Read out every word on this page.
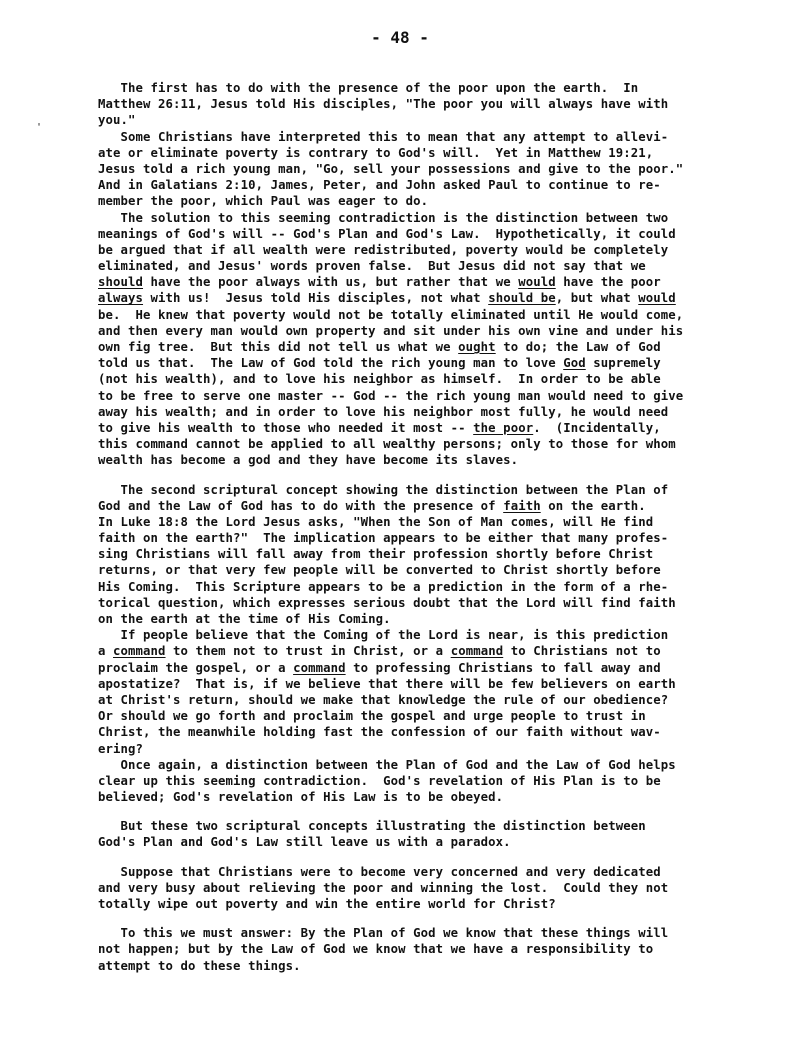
- 48 -
'
The first has to do with the presence of the poor upon the earth.  In
Matthew 26:11, Jesus told His disciples, "The poor you will always have with
you."
Some Christians have interpreted this to mean that any attempt to allevi-
ate or eliminate poverty is contrary to God's will.  Yet in Matthew 19:21,
Jesus told a rich young man, "Go, sell your possessions and give to the poor."
And in Galatians 2:10, James, Peter, and John asked Paul to continue to re-
member the poor, which Paul was eager to do.
The solution to this seeming contradiction is the distinction between two
meanings of God's will -- God's Plan and God's Law.  Hypothetically, it could
be argued that if all wealth were redistributed, poverty would be completely
eliminated, and Jesus' words proven false.  But Jesus did not say that we
should have the poor always with us, but rather that we would have the poor
always with us!  Jesus told His disciples, not what should be, but what would
be.  He knew that poverty would not be totally eliminated until He would come,
and then every man would own property and sit under his own vine and under his
own fig tree.  But this did not tell us what we ought to do; the Law of God
told us that.  The Law of God told the rich young man to love God supremely
(not his wealth), and to love his neighbor as himself.  In order to be able
to be free to serve one master -- God -- the rich young man would need to give
away his wealth; and in order to love his neighbor most fully, he would need
to give his wealth to those who needed it most -- the poor.  (Incidentally,
this command cannot be applied to all wealthy persons; only to those for whom
wealth has become a god and they have become its slaves.
The second scriptural concept showing the distinction between the Plan of
God and the Law of God has to do with the presence of faith on the earth.
In Luke 18:8 the Lord Jesus asks, "When the Son of Man comes, will He find
faith on the earth?"  The implication appears to be either that many profes-
sing Christians will fall away from their profession shortly before Christ
returns, or that very few people will be converted to Christ shortly before
His Coming.  This Scripture appears to be a prediction in the form of a rhe-
torical question, which expresses serious doubt that the Lord will find faith
on the earth at the time of His Coming.
If people believe that the Coming of the Lord is near, is this prediction
a command to them not to trust in Christ, or a command to Christians not to
proclaim the gospel, or a command to professing Christians to fall away and
apostatize?  That is, if we believe that there will be few believers on earth
at Christ's return, should we make that knowledge the rule of our obedience?
Or should we go forth and proclaim the gospel and urge people to trust in
Christ, the meanwhile holding fast the confession of our faith without wav-
ering?
Once again, a distinction between the Plan of God and the Law of God helps
clear up this seeming contradiction.  God's revelation of His Plan is to be
believed; God's revelation of His Law is to be obeyed.
But these two scriptural concepts illustrating the distinction between
God's Plan and God's Law still leave us with a paradox.
Suppose that Christians were to become very concerned and very dedicated
and very busy about relieving the poor and winning the lost.  Could they not
totally wipe out poverty and win the entire world for Christ?
To this we must answer: By the Plan of God we know that these things will
not happen; but by the Law of God we know that we have a responsibility to
attempt to do these things.
